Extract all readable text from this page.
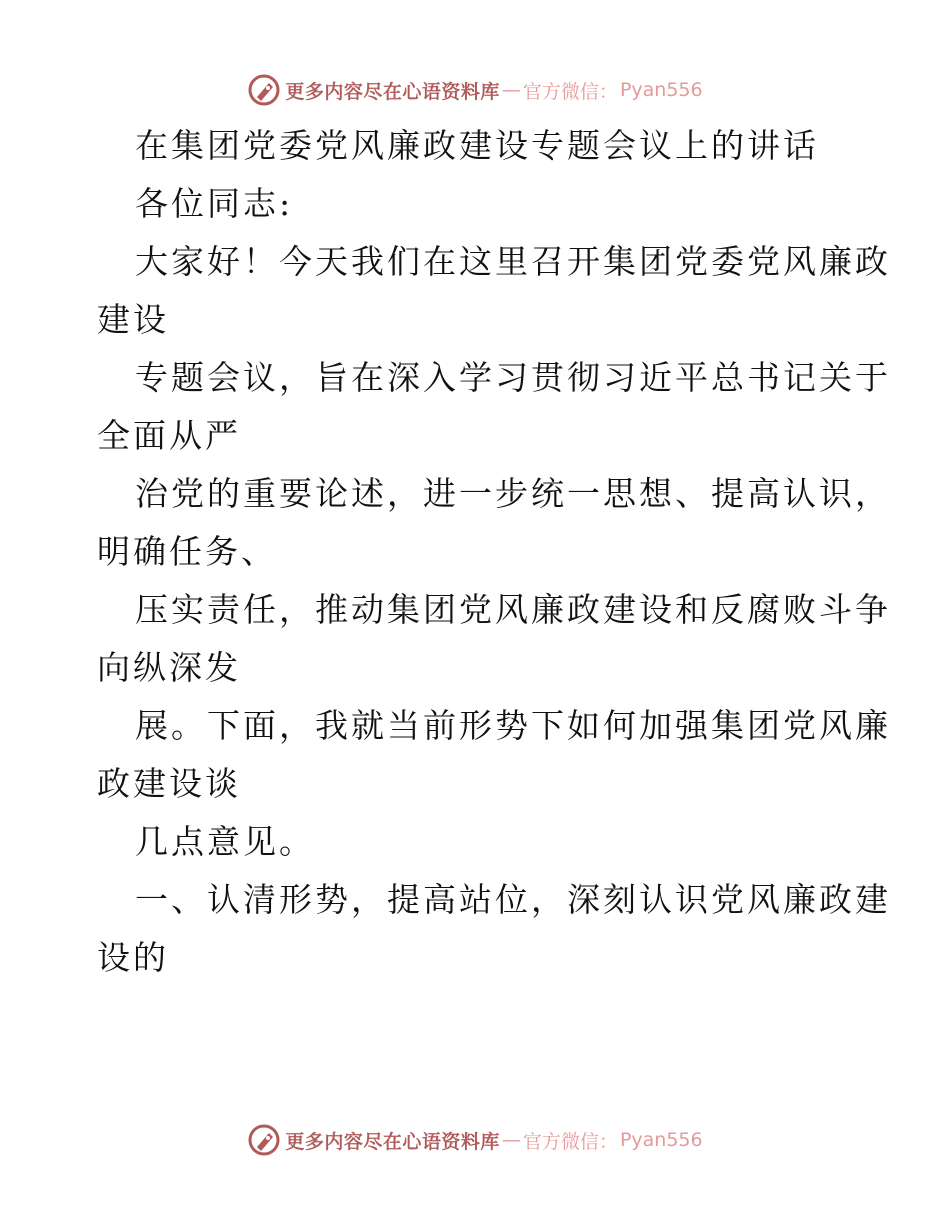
更多内容尽在心语资料库 — 官方微信： Pyan556
在集团党委党风廉政建设专题会议上的讲话
各位同志:
大家好！今天我们在这里召开集团党委党风廉政
建设
专题会议，旨在深入学习贯彻习近平总书记关于
全面从严
治党的重要论述，进一步统一思想、提高认识，
明确任务、
压实责任，推动集团党风廉政建设和反腐败斗争
向纵深发
展。下面，我就当前形势下如何加强集团党风廉
政建设谈
几点意见。
一、认清形势，提高站位，深刻认识党风廉政建
设的
更多内容尽在心语资料库 — 官方微信： Pyan556
